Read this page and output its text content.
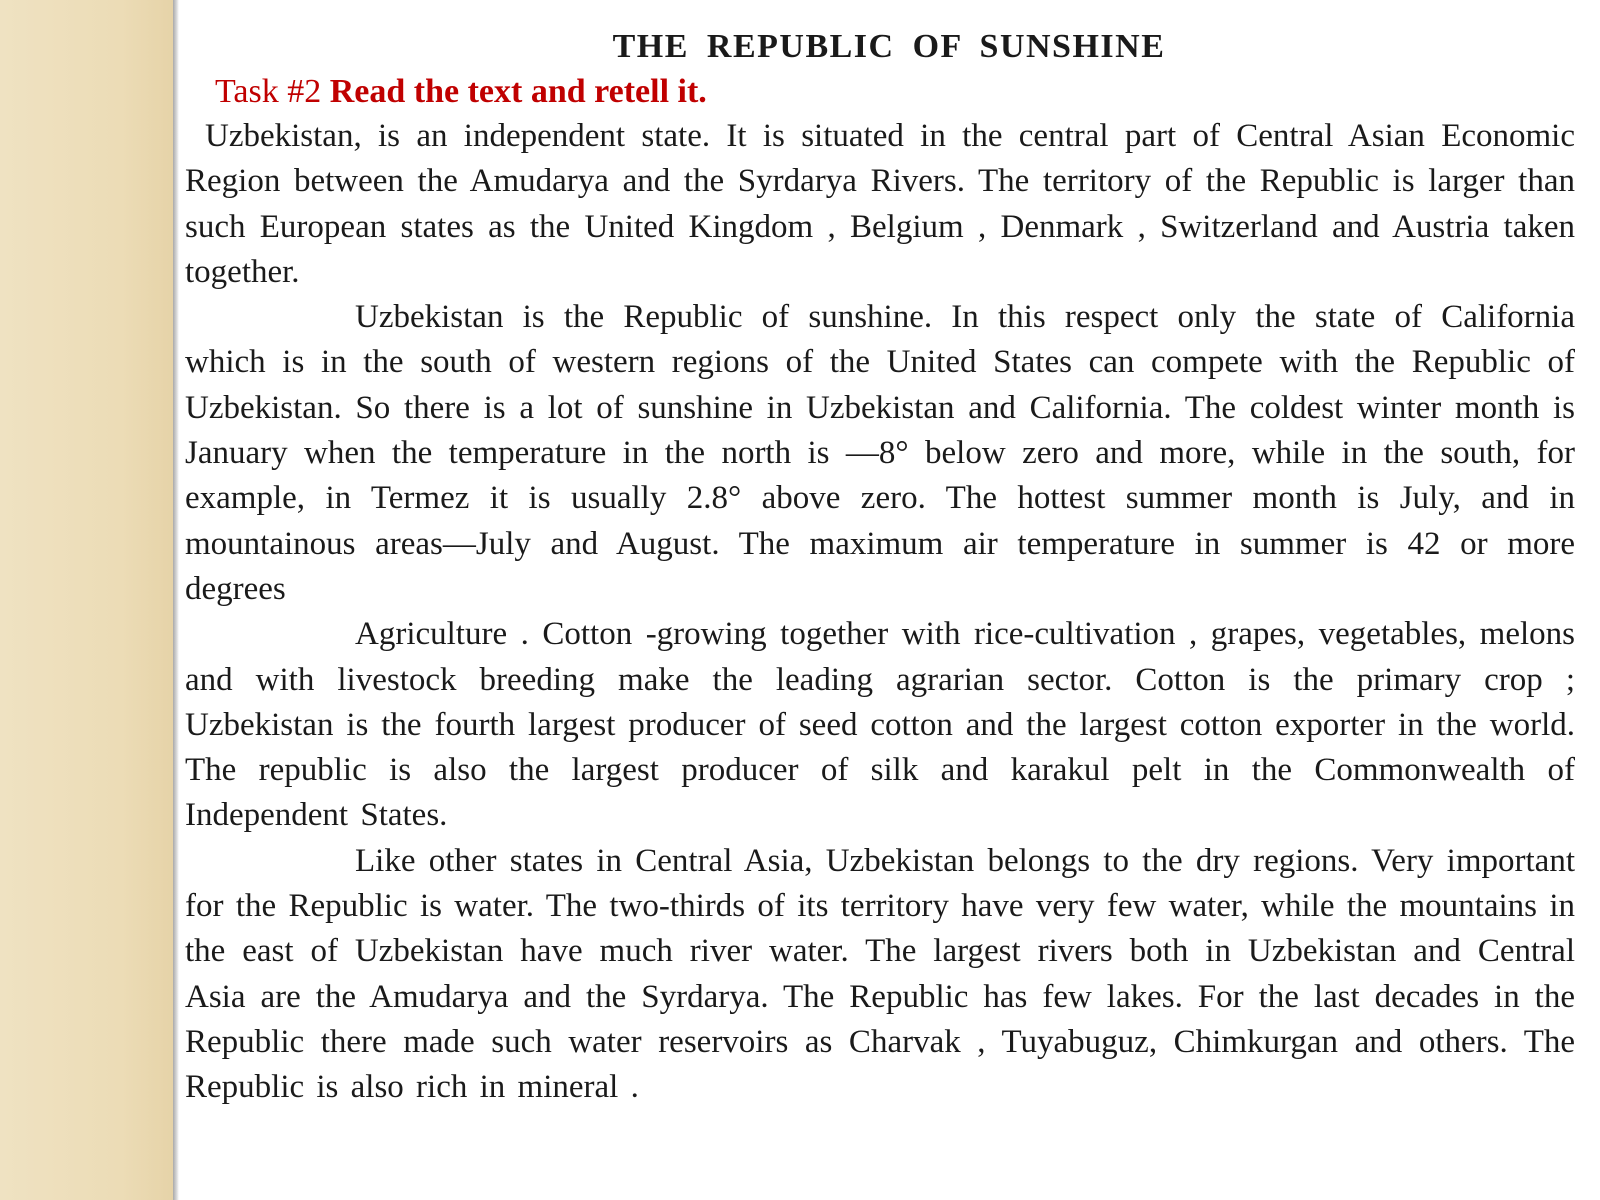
THE REPUBLIC OF SUNSHINE
Task #2 Read the text and retell it.

Uzbekistan, is an independent state. It is situated in the central part of Central Asian Economic Region between the Amudarya and the Syrdarya Rivers. The territory of the Republic is larger than such European states as the United Kingdom , Belgium , Denmark , Switzerland and Austria taken together.

Uzbekistan is the Republic of sunshine. In this respect only the state of California which is in the south of western regions of the United States can compete with the Republic of Uzbekistan. So there is a lot of sunshine in Uzbekistan and California. The coldest winter month is January when the temperature in the north is —8° below zero and more, while in the south, for example, in Termez it is usually 2.8° above zero. The hottest summer month is July, and in mountainous areas—July and August. The maximum air temperature in summer is 42 or more degrees

Agriculture . Cotton -growing together with rice-cultivation , grapes, vegetables, melons and with livestock breeding make the leading agrarian sector. Cotton is the primary crop ; Uzbekistan is the fourth largest producer of seed cotton and the largest cotton exporter in the world. The republic is also the largest producer of silk and karakul pelt in the Commonwealth of Independent States.

Like other states in Central Asia, Uzbekistan belongs to the dry regions. Very important for the Republic is water. The two-thirds of its territory have very few water, while the mountains in the east of Uzbekistan have much river water. The largest rivers both in Uzbekistan and Central Asia are the Amudarya and the Syrdarya. The Republic has few lakes. For the last decades in the Republic there made such water reservoirs as Charvak , Tuyabuguz, Chimkurgan and others. The Republic is also rich in mineral .
